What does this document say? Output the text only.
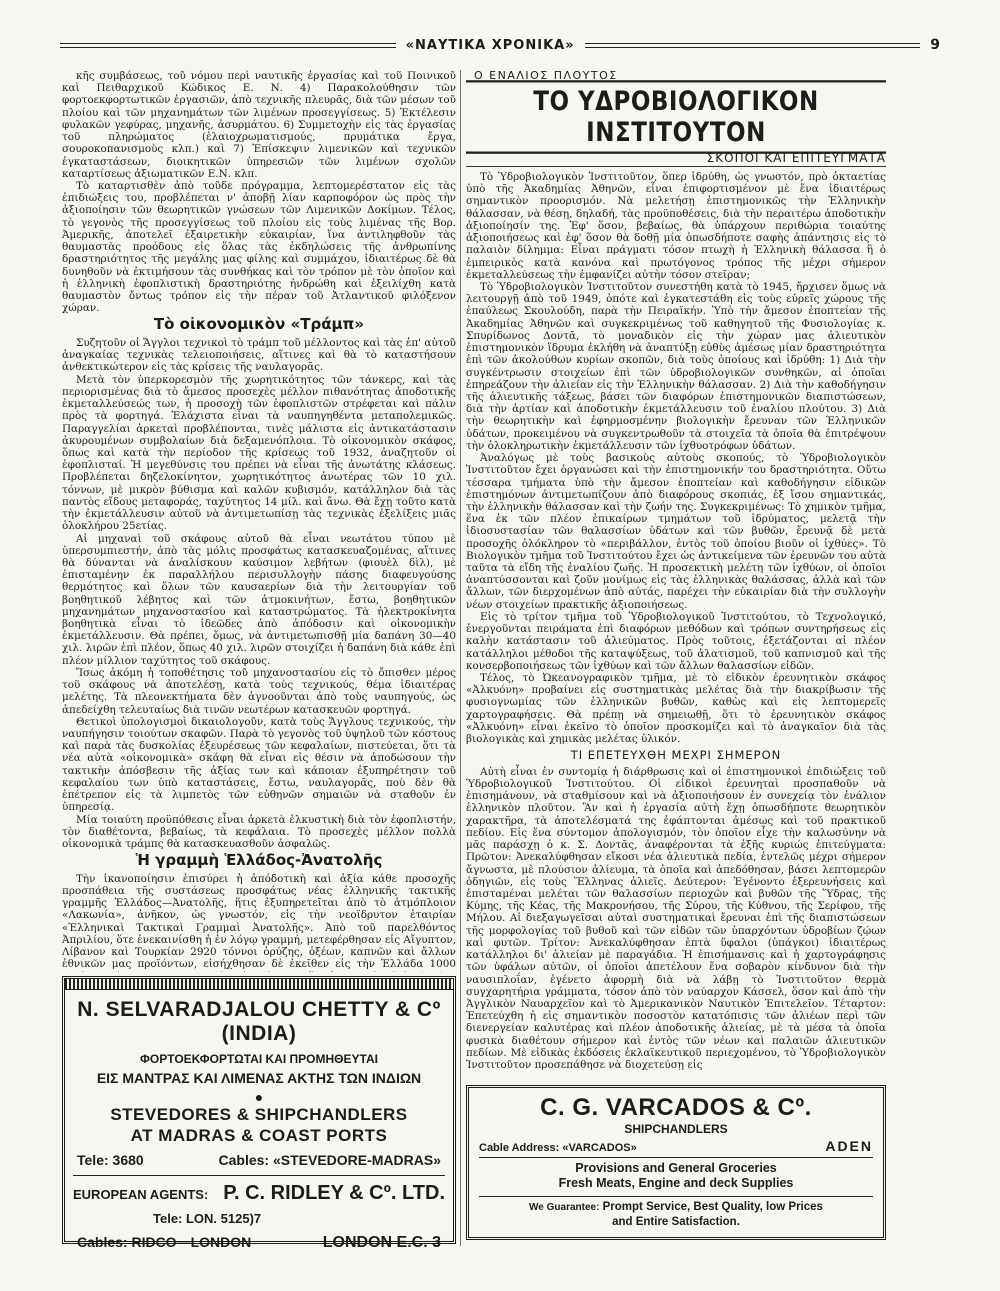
«ΝΑΥΤΙΚΑ ΧΡΟΝΙΚΑ»	9

κῆς συμβάσεως, τοῦ νόμου περὶ ναυτικῆς ἐργασίας καὶ τοῦ Ποινικοῦ καὶ Πειθαρχικοῦ Κώδικος Ε. Ν. 4) Παρακολούθησιν τῶν φορτοεκφορτωτικῶν ἐργασιῶν, ἀπὸ τεχνικῆς πλευρᾶς, διὰ τῶν μέσων τοῦ πλοίου καὶ τῶν μηχανημάτων τῶν λιμένων προσεγγίσεως. 5) Ἐκτέλεσιν φυλακῶν γεφύρας, μηχανῆς, ἀσυρμάτου. 6) Συμμετοχὴν εἰς τὰς ἐργασίας τοῦ πληρώματος (ἐλαιοχρωματισμούς, πρυμάτικα ἔργα, σουροκοπανισμοὺς κλπ.) καὶ 7) Ἐπίσκεψιν λιμενικῶν καὶ τεχνικῶν ἐγκαταστάσεων, διοικητικῶν ὑπηρεσιῶν τῶν λιμένων σχολῶν καταρτίσεως ἀξιωματικῶν Ε.Ν. κλπ.

Τὸ καταρτισθὲν ἀπὸ τοῦδε πρόγραμμα, λεπτομερέστατον εἰς τὰς ἐπιδιώξεις του, προβλέπεται ν' ἀποβῇ λίαν καρποφόρον ὡς πρὸς τὴν ἀξιοποίησιν τῶν θεωρητικῶν γνώσεων τῶν Λιμενικῶν Δοκίμων. Τέλος, τὸ γεγονὸς τῆς προσεγγίσεως τοῦ πλοίου εἰς τοὺς λιμένας τῆς Βορ. Ἀμερικῆς, ἀποτελεῖ ἐξαιρετικὴν εὐκαιρίαν, ἵνα ἀντιληφθοῦν τὰς θαυμαστὰς προόδους εἰς ὅλας τὰς ἐκδηλώσεις τῆς ἀνθρωπίνης δραστηριότητος τῆς μεγάλης μας φίλης καὶ συμμάχου, ἰδιαιτέρως δὲ θὰ δυνηθοῦν νὰ ἐκτιμήσουν τὰς συνθήκας καὶ τὸν τρόπον μὲ τὸν ὁποῖον καὶ ἡ ἑλληνικὴ ἐφοπλιστικὴ δραστηριότης ἠνδρώθη καὶ ἐξειλίχθη κατὰ θαυμαστὸν ὄντως τρόπον εἰς τὴν πέραν τοῦ Ἀτλαντικοῦ φιλόξενον χώραν.

Τὸ οἰκονομικὸν «Τράμπ»

Συζητοῦν οἱ Ἄγγλοι τεχνικοὶ τὸ τράμπ τοῦ μέλλοντος καὶ τὰς ἐπ' αὐτοῦ ἀναγκαίας τεχνικὰς τελειοποιήσεις, αἵτινες καὶ θὰ τὸ καταστήσουν ἀνθεκτικώτερον εἰς τὰς κρίσεις τῆς ναυλαγορᾶς.

Μετὰ τὸν ὑπερκορεσμὸν τῆς χωρητικότητος τῶν τάνκερς, καὶ τὰς περιορισμένας διὰ τὸ ἄμεσος προσεχὲς μέλλον πιθανότητας ἀποδοτικῆς ἐκμεταλλεύσεώς των, ἡ προσοχὴ τῶν ἐφοπλιστῶν στρέφεται καὶ πάλιν πρὸς τὰ φορτηγά. Ἐλάχιστα εἶναι τὰ ναυπηγηθέντα μεταπολεμικῶς. Παραγγελίαι ἀρκεταὶ προβλέπονται, τινὲς μάλιστα εἰς ἀντικατάστασιν ἀκυρουμένων συμβολαίων διὰ δεξαμενόπλοια. Τὸ οἰκονομικὸν σκάφος, ὅπως καὶ κατὰ τὴν περίοδον τῆς κρίσεως τοῦ 1932, ἀναζητοῦν οἱ ἐφοπλισταί. Ἡ μεγεθύνσις του πρέπει νὰ εἶναι τῆς ἀνωτάτης κλάσεως. Προβλέπεται δηζελοκίνητον, χωρητικότητος ἀνωτέρας τῶν 10 χιλ. τόννων, μὲ μικρὸν βύθισμα καὶ καλῶν κυβισμόν, κατάλληλον διὰ τὰς παντὸς εἴδους μεταφοράς, ταχύτητος 14 μίλ. καὶ ἄνω. Θὰ ἔχῃ τοῦτο κατὰ τὴν ἐκμετάλλευσιν αὐτοῦ νὰ ἀντιμετωπίσῃ τὰς τεχνικὰς ἐξελίξεις μιᾶς ὁλοκλήρου 25ετίας.

Αἱ μηχαναὶ τοῦ σκάφους αὐτοῦ θὰ εἶναι νεωτάτου τύπου μὲ ὑπερσυμπιεστήν, ἀπὸ τὰς μόλις προσφάτως κατασκευαζομένας, αἵτινες θὰ δύνανται νὰ ἀναλίσκουν καύσιμον λεβήτων (φιουὲλ δὶλ), μὲ ἐπισταμένην ἐκ παραλλήλου περισυλλογὴν πάσης διαφευγούσης θερμότητος καὶ ὅλων τῶν καυσαερίων διὰ τὴν λειτουργίαν τοῦ βοηθητικοῦ λέβητος καὶ τῶν ἀτμοκινήτων, ἔστω, βοηθητικῶν μηχανημάτων μηχανοστασίου καὶ καταστρώματος. Τὰ ἠλεκτροκίνητα βοηθητικὰ εἶναι τὸ ἰδεῶδες ἀπὸ ἀπόδοσιν καὶ οἰκονομικὴν ἐκμετάλλευσιν. Θὰ πρέπει, ὅμως, νὰ ἀντιμετωπισθῇ μία δαπάνη 30—40 χιλ. λιρῶν ἐπὶ πλέον, ὅπως 40 χιλ. λιρῶν στοιχίζει ἡ δαπάνη διὰ κάθε ἐπὶ πλέον μίλλιον ταχύτητος τοῦ σκάφους.

Ἴσως ἀκόμη ἡ τοποθέτησις τοῦ μηχανοστασίου εἰς τὸ ὄπισθεν μέρος τοῦ σκάφους νὰ ἀποτελέσῃ, κατὰ τοὺς τεχνικούς, θέμα ἰδιαιτέρας μελέτης. Τὰ πλεονεκτήματα δὲν ἀγνοοῦνται ἀπὸ τοὺς ναυπηγούς, ὡς ἀπεδείχθη τελευταίως διὰ τινῶν νεωτέρων κατασκευῶν φορτηγά.

Θετικοὶ ὑπολογισμοὶ δικαιολογοῦν, κατὰ τοὺς Ἄγγλους τεχνικούς, τὴν ναυπήγησιν τοιούτων σκαφῶν. Παρὰ τὸ γεγονὸς τοῦ ὑψηλοῦ τῶν κόστους καὶ παρὰ τὰς δυσκολίας ἐξευρέσεως τῶν κεφαλαίων, πιστεύεται, ὅτι τὰ νέα αὐτὰ «οἰκονομικὰ» σκάφη θὰ εἶναι εἰς θέσιν νὰ ἀποδώσουν τὴν τακτικὴν ἀπόσβεσιν τῆς ἀξίας των καὶ κάποιαν ἐξυπηρέτησιν τοῦ κεφαλαίου των ὑπὸ καταστάσεις, ἔστω, ναυλαγορᾶς, ποὺ δὲν θὰ ἐπέτρεπον εἰς τὰ λιμπετὸς τῶν εὐθηνῶν σημαιῶν νὰ σταθοῦν ἐν ὑπηρεσίᾳ.

Μία τοιαύτη προϋπόθεσις εἶναι ἀρκετὰ ἑλκυστικὴ διὰ τὸν ἐφοπλιστήν, τὸν διαθέτοντα, βεβαίως, τὰ κεφάλαια. Τὸ προσεχὲς μέλλον πολλὰ οἰκονομικὰ τράμπς θὰ κατασκευασθοῦν ἀσφαλῶς.

Ἡ γραμμὴ Ἑλλάδος-Ἀνατολῆς

Τὴν ἱκανοποίησιν ἐπισύρει ἡ ἀπόδοτικὴ καὶ ἀξία κάθε προσοχῆς προσπάθεια τῆς συστάσεως προσφάτως νέας ἑλληνικῆς τακτικῆς γραμμῆς Ἑλλάδος—Ἀνατολῆς, ἥτις ἐξυπηρετεῖται ἀπὸ τὸ ἀτμόπλοιον «Λακωνία», ἀνῆκον, ὡς γνωστόν, εἰς τὴν νεοϊδρυτον ἑταιρίαν «Ἑλληνικαὶ Τακτικαὶ Γραμμαὶ Ἀνατολῆς». Ἀπὸ τοῦ παρελθόντος Ἀπριλίου, ὅτε ἐνεκαινίσθη ἡ ἐν λόγῳ γραμμή, μετεφέρθησαν εἰς Αἴγυπτον, Λίβανον καὶ Τουρκίαν 2920 τόννοι ὀρύζης, ὀξέων, καπνῶν καὶ ἄλλων ἐθνικῶν μας προϊόντων, εἰσήχθησαν δὲ ἐκεῖθεν εἰς τὴν Ἑλλάδα 1000

Ο ΕΝΑΛΙΟΣ ΠΛΟΥΤΟΣ
ΤΟ ΥΔΡΟΒΙΟΛΟΓΙΚΟΝ ΙΝΣΤΙΤΟΥΤΟΝ
ΣΚΟΠΟΙ ΚΑΙ ΕΠΙΤΕΥΓΜΑΤΑ

Τὸ Ὑδροβιολογικὸν Ἰνστιτοῦτον, ὅπερ ἱδρύθη, ὡς γνωστόν, πρὸ ὀκταετίας ὑπὸ τῆς Ἀκαδημίας Ἀθηνῶν, εἶναι ἐπιφορτισμένον μὲ ἕνα ἰδιαιτέρως σημαντικὸν προορισμόν. Νὰ μελετήσῃ ἐπιστημονικῶς τὴν Ἑλληνικὴν θάλασσαν, νὰ θέσῃ, δηλαδή, τὰς προϋποθέσεις, διὰ τὴν περαιτέρω ἀποδοτικὴν ἀξιοποίησίν της. Ἐφ' ὅσον, βεβαίως, θὰ ὑπάρχουν περιθώρια τοιαύτης ἀξιοποιήσεως καὶ ἐφ' ὅσον θὰ δοθῇ μία ὁπωσδήποτε σαφὴς ἀπάντησις εἰς τὸ παλαιὸν δίλημμα: Εἶναι πράγματι τόσον πτωχὴ ἡ Ἑλληνικὴ θάλασσα ἢ ὁ ἐμπειρικὸς κατὰ κανόνα καὶ πρωτόγονος τρόπος τῆς μέχρι σήμερον ἐκμεταλλεύσεως τὴν ἐμφανίζει αὐτὴν τόσον στεῖραν;

Τὸ Ὑδροβιολογικὸν Ἰνστιτοῦτον συνεστήθη κατὰ τὸ 1945, ἤρχισεν ὅμως νὰ λειτουργῇ ἀπὸ τοῦ 1949, ὁπότε καὶ ἐγκατεστάθη εἰς τοὺς εὐρεῖς χώρους τῆς ἐπαύλεως Σκουλούδη, παρὰ τὴν Πειραϊκήν. Ὑπὸ τὴν ἄμεσον ἐποπτείαν τῆς Ἀκαδημίας Ἀθηνῶν καὶ συγκεκριμένως τοῦ καθηγητοῦ τῆς Φυσιολογίας κ. Σπυρίδωνος Δοντᾶ, τὸ μοναδικὸν εἰς τὴν χώραν μας ἁλιευτικὸν ἐπιστημονικὸν ἵδρυμα ἐκλήθη νὰ ἀναπτύξῃ εὐθὺς ἀμέσως μίαν δραστηριότητα ἐπὶ τῶν ἀκολούθων κυρίων σκοπῶν, διὰ τοὺς ὁποίους καὶ ἱδρύθη: 1) Διὰ τὴν συγκέντρωσιν στοιχείων ἐπὶ τῶν ὑδροβιολογικῶν συνθηκῶν, αἱ ὁποῖαι ἐπηρεάζουν τὴν ἁλιείαν εἰς τὴν Ἑλληνικὴν θάλασσαν. 2) Διὰ τὴν καθοδήγησιν τῆς ἁλιευτικῆς τάξεως, βάσει τῶν διαφόρων ἐπιστημονικῶν διαπιστώσεων, διὰ τὴν ἀρτίαν καὶ ἀποδοτικὴν ἐκμετάλλευσιν τοῦ ἐναλίου πλούτου. 3) Διὰ τὴν θεωρητικὴν καὶ ἐφηρμοσμένην βιολογικὴν ἔρευναν τῶν Ἑλληνικῶν ὑδάτων, προκειμένου νὰ συγκεντρωθοῦν τὰ στοιχεῖα τὰ ὁποῖα θὰ ἐπιτρέψουν τὴν ὁλοκληρωτικὴν ἐκμετάλλευσιν τῶν ἰχθυοτρόφων ὑδάτων.

Ἀναλόγως μὲ τοὺς βασικοὺς αὐτοὺς σκοπούς, τὸ Ὑδροβιολογικὸν Ἰνστιτοῦτον ἔχει ὀργανώσει καὶ τὴν ἐπιστημονικήν του δραστηριότητα. Οὕτω τέσσαρα τμήματα ὑπὸ τὴν ἄμεσον ἐποπτείαν καὶ καθοδήγησιν εἰδικῶν ἐπιστημόνων ἀντιμετωπίζουν ἀπὸ διαφόρους σκοπιάς, ἐξ ἴσου σημαντικάς, τὴν ἑλληνικὴν θάλασσαν καὶ τὴν ζωήν της. Συγκεκριμένως: Τὸ χημικὸν τμῆμα, ἕνα ἐκ τῶν πλέον ἐπικαίρων τμημάτων τοῦ ἰδρύματος, μελετᾷ τὴν ἰδιοσυστασίαν τῶν θαλασσίων ὑδάτων καὶ τῶν βυθῶν, ἔρευνᾷ δὲ μετὰ προσοχῆς ὁλόκληρον τὸ «περιβάλλον, ἐντὸς τοῦ ὁποίου βιοῦν οἱ ἰχθύες». Τὸ Βιολογικὸν τμῆμα τοῦ Ἰνστιτούτου ἔχει ὡς ἀντικείμενα τῶν ἐρευνῶν του αὐτὰ ταῦτα τὰ εἴδη τῆς ἐναλίου ζωῆς. Ἡ προσεκτικὴ μελέτη τῶν ἰχθύων, οἱ ὁποῖοι ἀναπτύσσονται καὶ ζοῦν μονίμως εἰς τὰς ἑλληνικὰς θαλάσσας, ἀλλὰ καὶ τῶν ἄλλων, τῶν διερχομένων ἀπὸ αὐτάς, παρέχει τὴν εὐκαιρίαν διὰ τὴν συλλογὴν νέων στοιχείων πρακτικῆς ἀξιοποιήσεως.

Εἰς τὸ τρίτον τμῆμα τοῦ Ὑδροβιολογικοῦ Ἰνστιτούτου, τὸ Τεχνολογικό, ἐνεργοῦνται πειράματα ἐπὶ διαφόρων μεθόδων καὶ τρόπων συντηρήσεως εἰς καλὴν κατάστασιν τοῦ ἁλιεύματος. Πρὸς τοῦτοις, ἐξετάζονται αἱ πλέον κατάλληλοι μέθοδοι τῆς καταψύξεως, τοῦ ἀλατισμοῦ, τοῦ καπνισμοῦ καὶ τῆς κονσερβοποιήσεως τῶν ἰχθύων καὶ τῶν ἄλλων θαλασσίων εἰδῶν.

Τέλος, τὸ Ὠκεανογραφικὸν τμῆμα, μὲ τὸ εἰδικὸν ἐρευνητικὸν σκάφος «Ἀλκυόνη» προβαίνει εἰς συστηματικὰς μελέτας διὰ τὴν διακρίβωσιν τῆς φυσιογνωμίας τῶν ἑλληνικῶν βυθῶν, καθὼς καὶ εἰς λεπτομερεῖς χαρτογραφήσεις. Θὰ πρέπῃ νὰ σημειωθῇ, ὅτι τὸ ἐρευνητικὸν σκάφος «Ἀλκυόνη» εἶναι ἐκεῖνο τὸ ὁποῖον προσκομίζει καὶ τὸ ἀναγκαῖον διὰ τὰς βιολογικὰς καὶ χημικὰς μελέτας ὑλικόν.

ΤΙ ΕΠΕΤΕΥΧΘΗ ΜΕΧΡΙ ΣΗΜΕΡΟΝ

Αὐτὴ εἶναι ἐν συντομίᾳ ἡ διάρθρωσις καὶ οἱ ἐπιστημονικοὶ ἐπιδιώξεις τοῦ Ὑδροβιολογικοῦ Ἰνστιτούτου. Οἱ εἰδικοὶ ἐρευνηταὶ προσπαθοῦν νὰ ἐπισημάνουν, νὰ σταθμίσουν καὶ νὰ ἀξιοποιήσουν ἐν συνεχείᾳ τὸν ἐνάλιον ἑλληνικὸν πλοῦτον. Ἂν καὶ ἡ ἐργασία αὐτὴ ἔχῃ ὁπωσδήποτε θεωρητικὸν χαρακτῆρα, τὰ ἀποτελέσματά της ἐφάπτονται ἀμέσως καὶ τοῦ πρακτικοῦ πεδίου. Εἰς ἕνα σύντομον ἀπολογισμόν, τὸν ὁποῖον εἶχε τὴν καλωσύνην νὰ μᾶς παράσχῃ ὁ κ. Σ. Δοντᾶς, ἀναφέρονται τὰ ἑξῆς κυριώς ἐπιτεύγματα: Πρῶτον: Ἀνεκαλύφθησαν εἴκοσι νέα ἁλιευτικὰ πεδία, ἐντελῶς μέχρι σήμερον ἄγνωστα, μὲ πλούσιον ἁλίευμα, τὰ ὁποῖα καὶ ἀπεδόθησαν, βάσει λεπτομερῶν ὁδηγιῶν, εἰς τοὺς Ἕλληνας ἁλιεῖς. Δεύτερον: Ἐγένοντο ἐξερευνήσεις καὶ ἐπισταμέναι μελέται τῶν θαλασσίων περιοχῶν καὶ βυθῶν τῆς Ὕδρας, τῆς Κύμης, τῆς Κέας, τῆς Μακρονήσου, τῆς Σύρου, τῆς Κύθνου, τῆς Σερίφου, τῆς Μήλου. Αἱ διεξαγωγεῖσαι αὐταὶ συστηματικαὶ ἔρευναι ἐπὶ τῆς διαπιστώσεων τῆς μορφολογίας τοῦ βυθοῦ καὶ τῶν εἰδῶν τῶν ὑπαρχόντων ὑδροβίων ζῴων καὶ φυτῶν. Τρίτον: Ἀνεκαλύφθησαν ἑπτὰ ὕφαλοι (ὑπάγκοι) ἰδιαιτέρως κατάλληλοι δι' ἁλιείαν μὲ παραγάδια. Ἡ ἐπισήμανσις καὶ ἡ χαρτογράφησις τῶν ὑφάλων αὐτῶν, οἱ ὁποῖοι ἀπετέλουν ἕνα σοβαρὸν κίνδυνον διὰ τὴν ναυσιπλοΐαν, ἐγένετο ἀφορμὴ διὰ νὰ λάβῃ τὸ Ἰνστιτοῦτον θερμὰ συγχαρητήρια γράμματα, τόσον ἀπὸ τὸν ναύαρχον Κάσσελ, ὅσον καὶ ἀπὸ τὴν Ἀγγλικὸν Ναυαρχεῖον καὶ τὸ Ἀμερικανικὸν Ναυτικὸν Ἐπιτελεῖον. Τέταρτον: Ἐπετεύχθη ἡ εἰς σημαντικὸν ποσοστὸν κατατόπισις τῶν ἁλιέων περὶ τῶν διενεργείαν καλυτέρας καὶ πλέον ἀποδοτικῆς ἁλιείας, μὲ τὰ μέσα τὰ ὁποῖα φυσικὰ διαθέτουν σήμερον καὶ ἐντὸς τῶν νέων καὶ παλαιῶν ἁλιευτικῶν πεδίων. Μὲ εἰδικὰς ἐκδόσεις ἐκλαϊκευτικοῦ περιεχομένου, τὸ Ὑδροβιολογικὸν Ἰνστιτοῦτον προσεπάθησε νὰ διοχετεύσῃ εἰς

N. SELVARADJALOU CHETTY & Cº (INDIA)
ΦΟΡΤΟΕΚΦΟΡΤΩΤΑΙ ΚΑΙ ΠΡΟΜΗΘΕΥΤΑΙ
ΕΙΣ ΜΑΝΤΡΑΣ ΚΑΙ ΛΙΜΕΝΑΣ ΑΚΤΗΣ ΤΩΝ ΙΝΔΙΩΝ
●
STEVEDORES & SHIPCHANDLERS
AT MADRAS & COAST PORTS
Tele: 3680	Cables: «STEVEDORE-MADRAS»
EUROPEAN AGENTS: P. C. RIDLEY & Cº. LTD.
Tele: LON. 5125)7
Cables: RIDCO—LONDON	LONDON E.C. 3
C. G. VARCADOS & Cº.
SHIPCHANDLERS
Cable Address: «VARCADOS»	ADEN
Provisions and General Groceries
Fresh Meats, Engine and deck Supplies
We Guarantee: Prompt Service, Best Quality, low Prices
and Entire Satisfaction.
